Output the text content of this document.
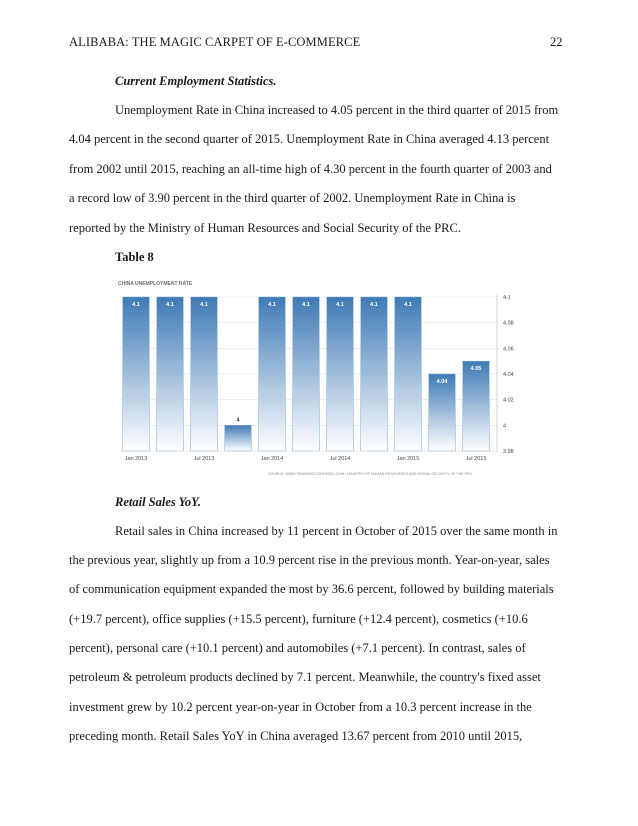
ALIBABA: THE MAGIC CARPET OF E-COMMERCE	22
Current Employment Statistics.
Unemployment Rate in China increased to 4.05 percent in the third quarter of 2015 from
4.04 percent in the second quarter of 2015. Unemployment Rate in China averaged 4.13 percent
from 2002 until 2015, reaching an all-time high of 4.30 percent in the fourth quarter of 2003 and
a record low of 3.90 percent in the third quarter of 2002. Unemployment Rate in China is
reported by the Ministry of Human Resources and Social Security of the PRC.
Table 8
CHINA UNEMPLOYMENT RATE
4.1	4.1	4.1
4
4.1	4.1	4.1	4.1	4.1
4.04
4.05
4.1
4.08
4.06
4.04
4.02
4
3.98
Jan 2013	Jul 2013	Jan 2014	Jul 2014	Jan 2015	Jul 2015
SOURCE: WWW.TRADINGECONOMICS.COM | MINISTRY OF HUMAN RESOURCES AND SOCIAL SECURITY OF THE PRC
Retail Sales YoY.
Retail sales in China increased by 11 percent in October of 2015 over the same month in
the previous year, slightly up from a 10.9 percent rise in the previous month. Year-on-year, sales
of communication equipment expanded the most by 36.6 percent, followed by building materials
(+19.7 percent), office supplies (+15.5 percent), furniture (+12.4 percent), cosmetics (+10.6
percent), personal care (+10.1 percent) and automobiles (+7.1 percent). In contrast, sales of
petroleum & petroleum products declined by 7.1 percent. Meanwhile, the country's fixed asset
investment grew by 10.2 percent year-on-year in October from a 10.3 percent increase in the
preceding month. Retail Sales YoY in China averaged 13.67 percent from 2010 until 2015,
